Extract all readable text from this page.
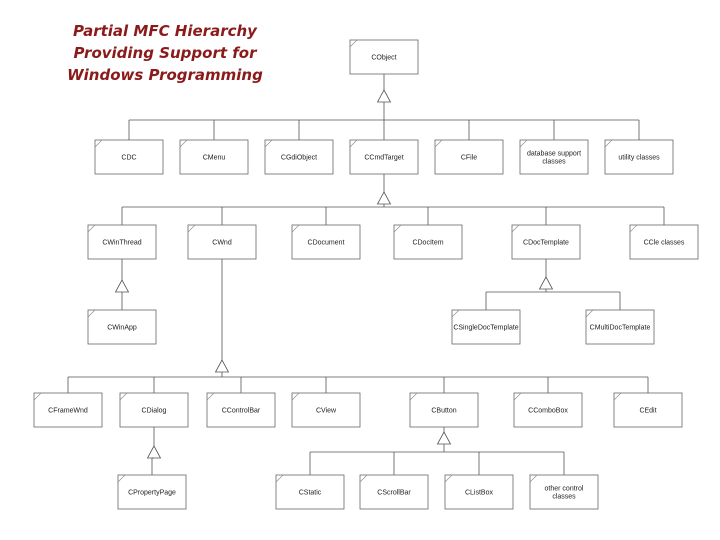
Partial MFC Hierarchy
Providing Support for
Windows Programming
CObject
CDC	CMenu	CGdiObject	CCmdTarget	CFile
database support
classes
utility classes
CWinThread	CWnd	CDocument	CDocItem	CDocTemplate	CCle classes
CWinApp	CSingleDocTemplate	CMultiDocTemplate
CFrameWnd	CDialog	CControlBar	CView	CButton	CComboBox	CEdit
CPropertyPage	CStatic	CScrollBar	CListBox
other control
classes
